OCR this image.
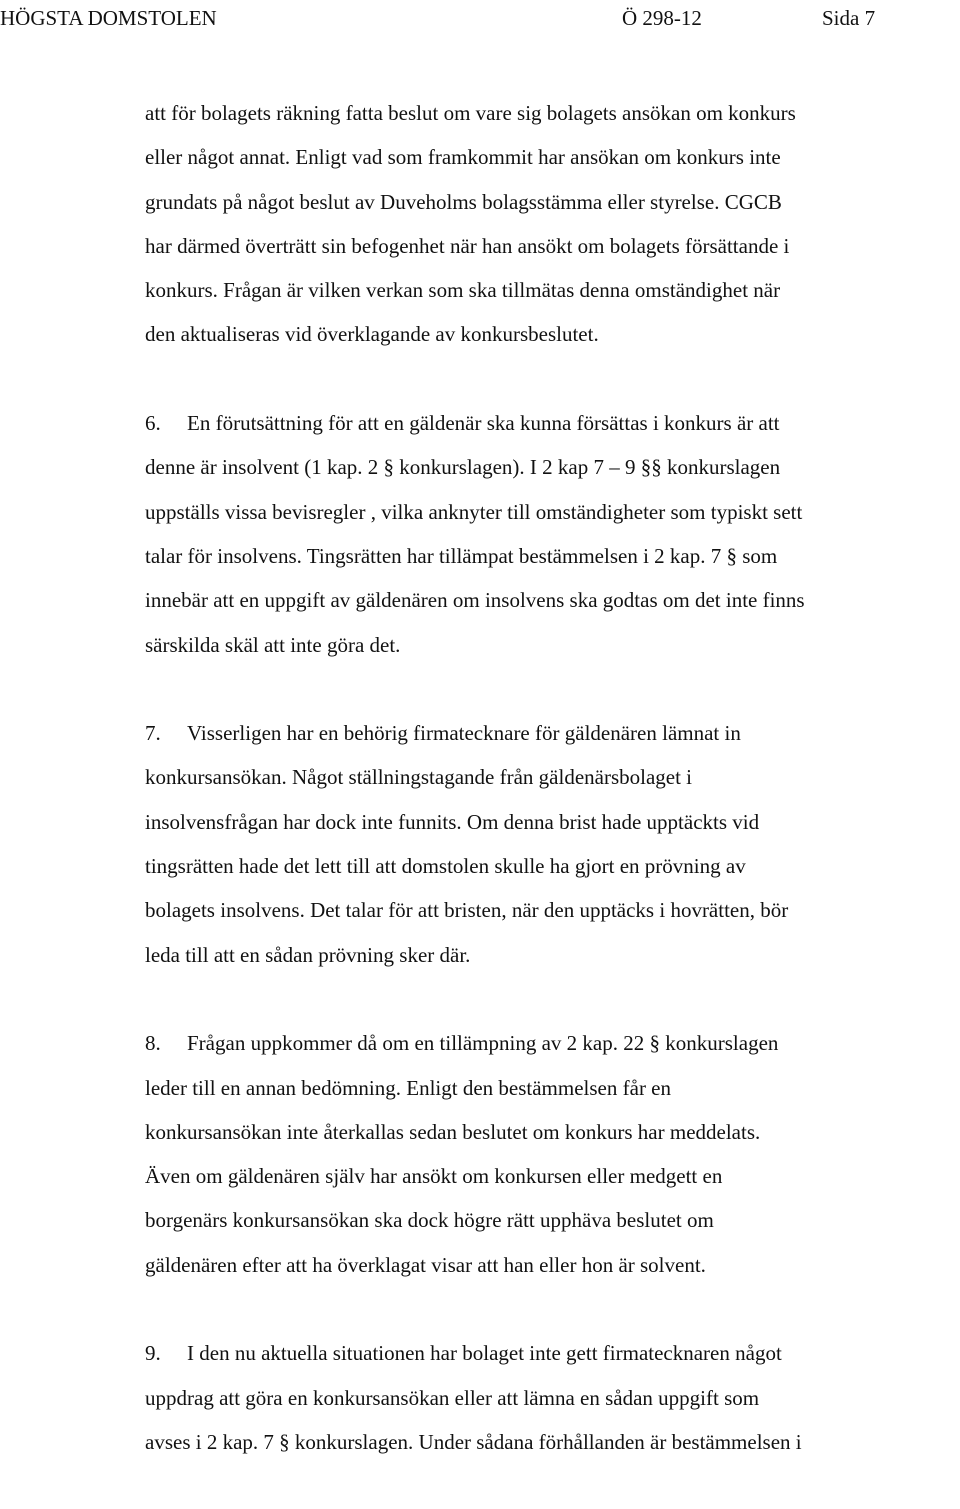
HÖGSTA DOMSTOLEN	Ö 298-12	Sida 7
att för bolagets räkning fatta beslut om vare sig bolagets ansökan om konkurs
eller något annat. Enligt vad som framkommit har ansökan om konkurs inte
grundats på något beslut av Duveholms bolagsstämma eller styrelse. CGCB
har därmed överträtt sin befogenhet när han ansökt om bolagets försättande i
konkurs. Frågan är vilken verkan som ska tillmätas denna omständighet när
den aktualiseras vid överklagande av konkursbeslutet.
6. En förutsättning för att en gäldenär ska kunna försättas i konkurs är att
denne är insolvent (1 kap. 2 § konkurslagen). I 2 kap 7 – 9 §§ konkurslagen
uppställs vissa bevisregler , vilka anknyter till omständigheter som typiskt sett
talar för insolvens. Tingsrätten har tillämpat bestämmelsen i 2 kap. 7 § som
innebär att en uppgift av gäldenären om insolvens ska godtas om det inte finns
särskilda skäl att inte göra det.
7. Visserligen har en behörig firmatecknare för gäldenären lämnat in
konkursansökan. Något ställningstagande från gäldenärsbolaget i
insolvensfrågan har dock inte funnits. Om denna brist hade upptäckts vid
tingsrätten hade det lett till att domstolen skulle ha gjort en prövning av
bolagets insolvens. Det talar för att bristen, när den upptäcks i hovrätten, bör
leda till att en sådan prövning sker där.
8. Frågan uppkommer då om en tillämpning av 2 kap. 22 § konkurslagen
leder till en annan bedömning. Enligt den bestämmelsen får en
konkursansökan inte återkallas sedan beslutet om konkurs har meddelats.
Även om gäldenären själv har ansökt om konkursen eller medgett en
borgenärs konkursansökan ska dock högre rätt upphäva beslutet om
gäldenären efter att ha överklagat visar att han eller hon är solvent.
9. I den nu aktuella situationen har bolaget inte gett firmatecknaren något
uppdrag att göra en konkursansökan eller att lämna en sådan uppgift som
avses i 2 kap. 7 § konkurslagen. Under sådana förhållanden är bestämmelsen i
